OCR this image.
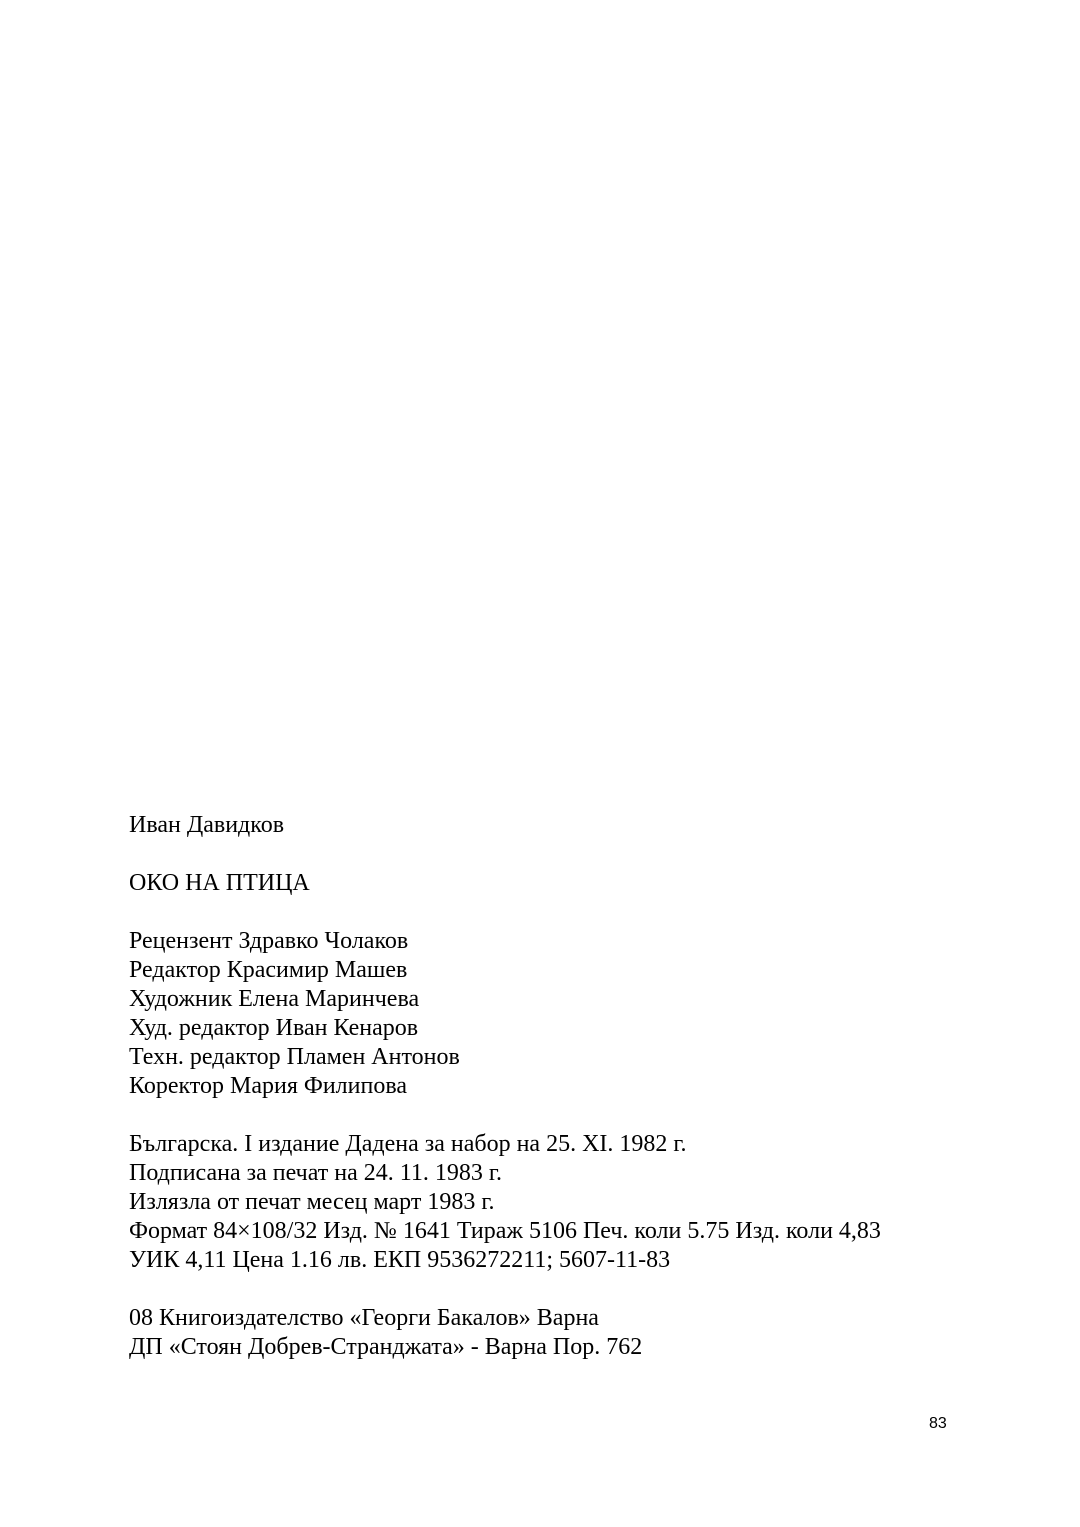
Иван Давидков
ОКО НА ПТИЦА
Рецензент Здравко Чолаков
Редактор Красимир Машев
Художник Елена Маринчева
Худ. редактор Иван Кенаров
Техн. редактор Пламен Антонов
Коректор Мария Филипова
Българска. I издание Дадена за набор на 25. XI. 1982 г.
Подписана за печат на 24. 11. 1983 г.
Излязла от печат месец март 1983 г.
Формат 84×108/32 Изд. № 1641 Тираж 5106 Печ. коли 5.75 Изд. коли 4,83
УИК 4,11 Цена 1.16 лв. ЕКП 9536272211; 5607-11-83
08 Книгоиздателство «Георги Бакалов» Варна
ДП «Стоян Добрев-Странджата» - Варна Пор. 762
83
